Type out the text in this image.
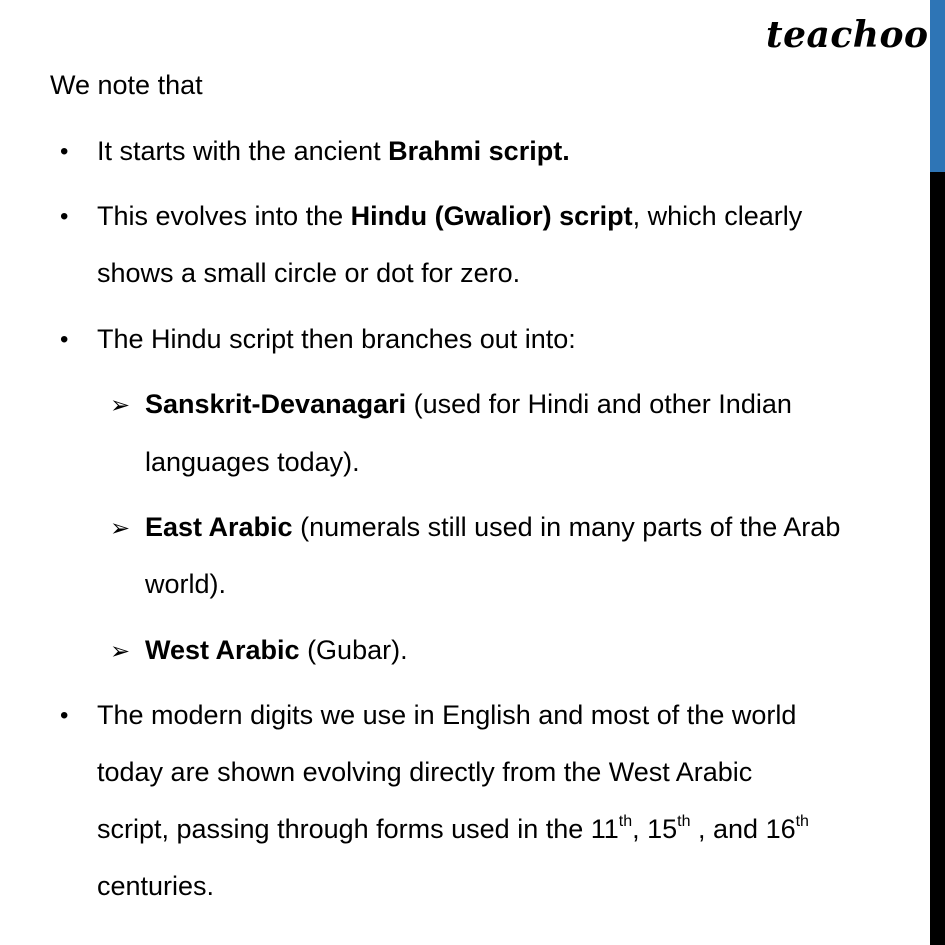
teachoo
We note that
• It starts with the ancient Brahmi script.
• This evolves into the Hindu (Gwalior) script, which clearly
shows a small circle or dot for zero.
• The Hindu script then branches out into:
➢ Sanskrit-Devanagari (used for Hindi and other Indian
languages today).
➢ East Arabic (numerals still used in many parts of the Arab
world).
➢ West Arabic (Gubar).
• The modern digits we use in English and most of the world
today are shown evolving directly from the West Arabic
script, passing through forms used in the 11th, 15th , and 16th
centuries.
